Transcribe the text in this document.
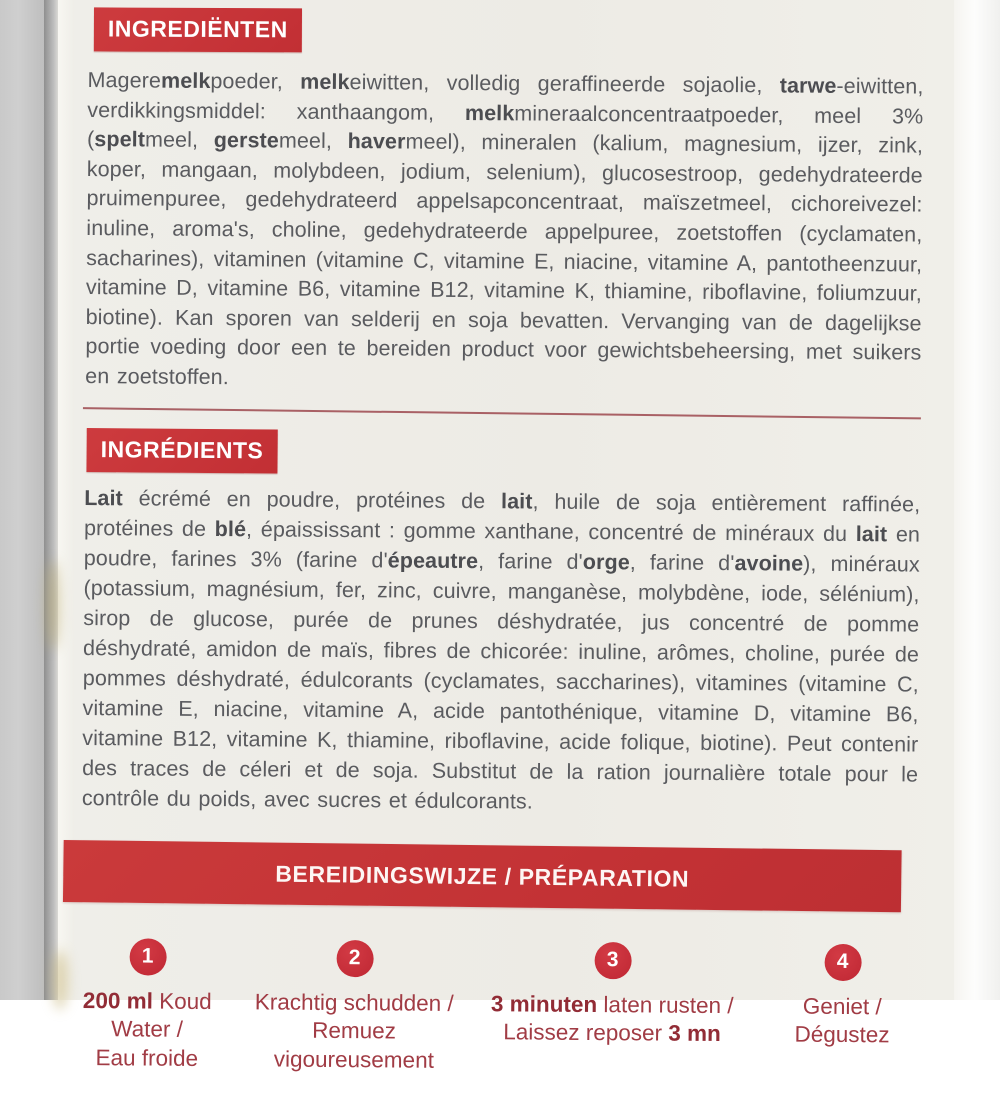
INGREDIËNTEN
Mageremelkpoeder, melkeiwitten, volledig geraffineerde sojaolie, tarwe-eiwitten, verdikkingsmiddel: xanthaangom, melkmineraalconcentraatpoeder, meel 3% (speltmeel, gerstemeel, havermeel), mineralen (kalium, magnesium, ijzer, zink, koper, mangaan, molybdeen, jodium, selenium), glucosestroop, gedehydrateerde pruimenpuree, gedehydrateerd appelsapconcentraat, maïszetmeel, cichoreivezel: inuline, aroma's, choline, gedehydrateerde appelpuree, zoetstoffen (cyclamaten, sacharines), vitaminen (vitamine C, vitamine E, niacine, vitamine A, pantotheenzuur, vitamine D, vitamine B6, vitamine B12, vitamine K, thiamine, riboflavine, foliumzuur, biotine). Kan sporen van selderij en soja bevatten. Vervanging van de dagelijkse portie voeding door een te bereiden product voor gewichtsbeheersing, met suikers en zoetstoffen.
INGRÉDIENTS
Lait écrémé en poudre, protéines de lait, huile de soja entièrement raffinée, protéines de blé, épaississant : gomme xanthane, concentré de minéraux du lait en poudre, farines 3% (farine d'épeautre, farine d'orge, farine d'avoine), minéraux (potassium, magnésium, fer, zinc, cuivre, manganèse, molybdène, iode, sélénium), sirop de glucose, purée de prunes déshydratée, jus concentré de pomme déshydraté, amidon de maïs, fibres de chicorée: inuline, arômes, choline, purée de pommes déshydraté, édulcorants (cyclamates, saccharines), vitamines (vitamine C, vitamine E, niacine, vitamine A, acide pantothénique, vitamine D, vitamine B6, vitamine B12, vitamine K, thiamine, riboflavine, acide folique, biotine). Peut contenir des traces de céleri et de soja. Substitut de la ration journalière totale pour le contrôle du poids, avec sucres et édulcorants.
BEREIDINGSWIJZE / PRÉPARATION
1
200 ml Koud
Water /
Eau froide
2
Krachtig schudden /
Remuez vigoureusement
3
3 minuten laten rusten /
Laissez reposer 3 mn
4
Geniet /
Dégustez
